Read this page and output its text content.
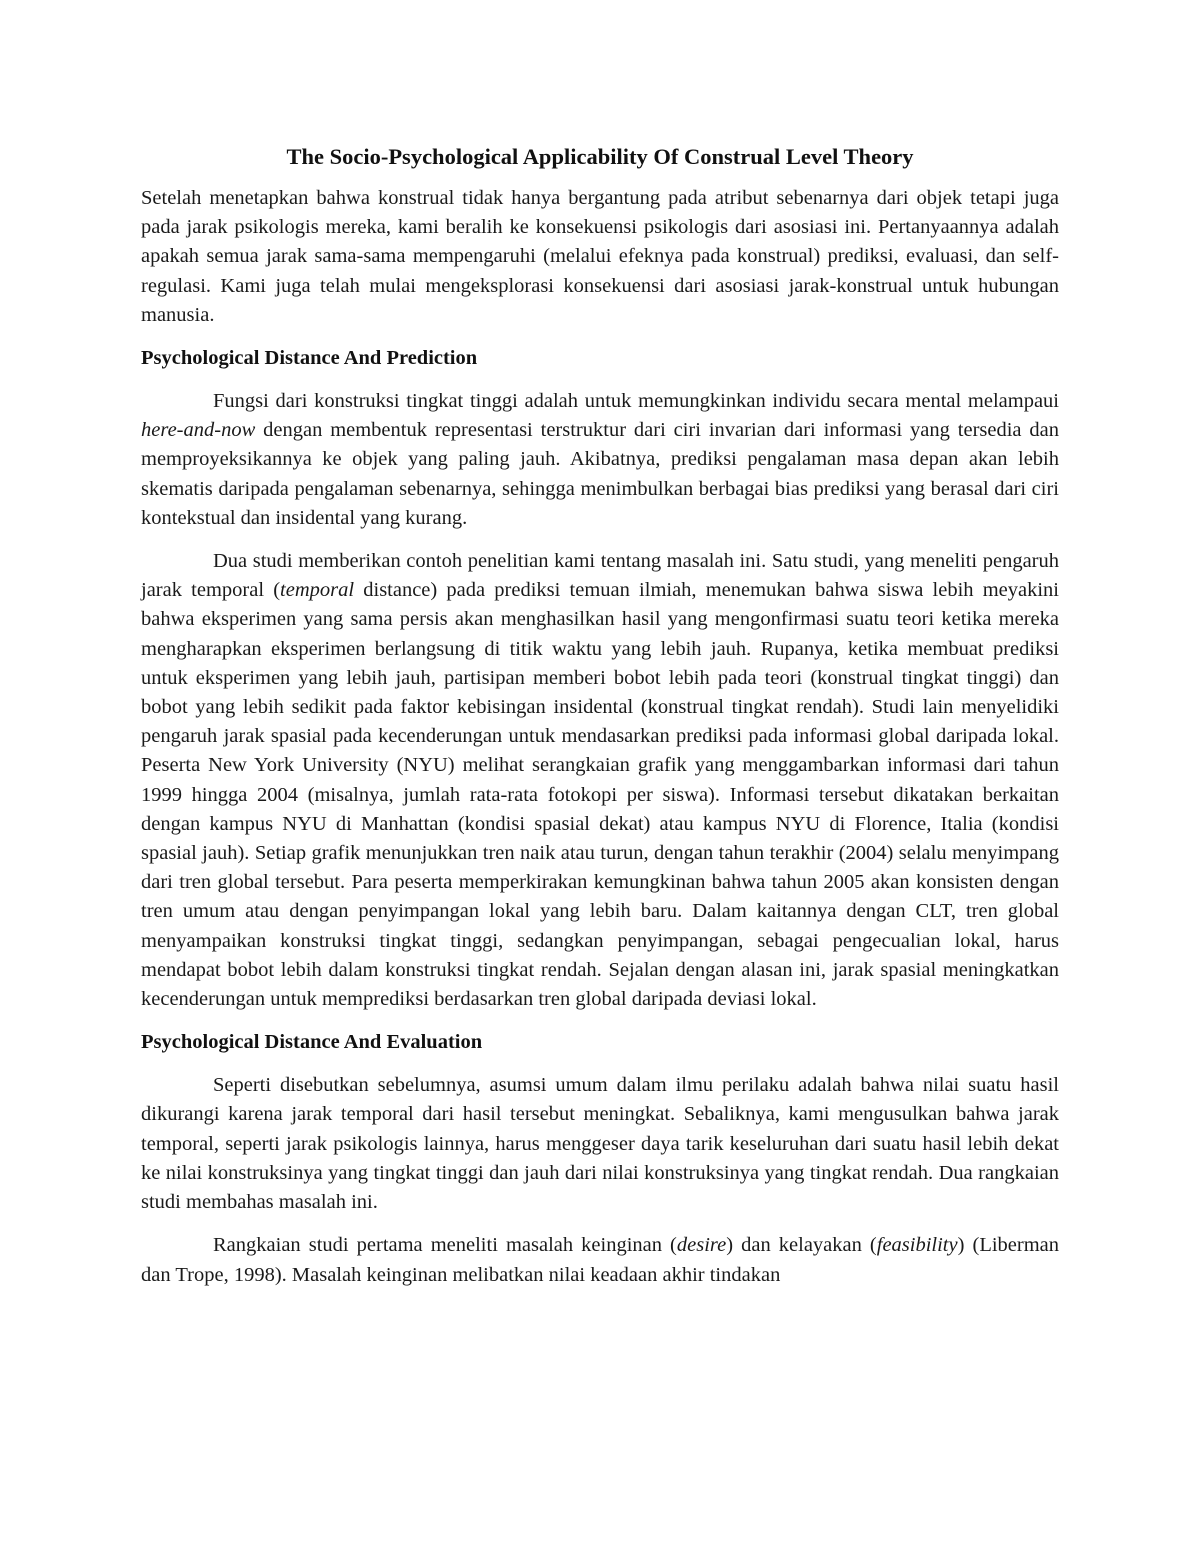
The Socio-Psychological Applicability Of Construal Level Theory

Setelah menetapkan bahwa konstrual tidak hanya bergantung pada atribut sebenarnya dari objek tetapi juga pada jarak psikologis mereka, kami beralih ke konsekuensi psikologis dari asosiasi ini. Pertanyaannya adalah apakah semua jarak sama-sama mempengaruhi (melalui efeknya pada konstrual) prediksi, evaluasi, dan self-regulasi. Kami juga telah mulai mengeksplorasi konsekuensi dari asosiasi jarak-konstrual untuk hubungan manusia.

Psychological Distance And Prediction

Fungsi dari konstruksi tingkat tinggi adalah untuk memungkinkan individu secara mental melampaui here-and-now dengan membentuk representasi terstruktur dari ciri invarian dari informasi yang tersedia dan memproyeksikannya ke objek yang paling jauh. Akibatnya, prediksi pengalaman masa depan akan lebih skematis daripada pengalaman sebenarnya, sehingga menimbulkan berbagai bias prediksi yang berasal dari ciri kontekstual dan insidental yang kurang.

Dua studi memberikan contoh penelitian kami tentang masalah ini. Satu studi, yang meneliti pengaruh jarak temporal (temporal distance) pada prediksi temuan ilmiah, menemukan bahwa siswa lebih meyakini bahwa eksperimen yang sama persis akan menghasilkan hasil yang mengonfirmasi suatu teori ketika mereka mengharapkan eksperimen berlangsung di titik waktu yang lebih jauh. Rupanya, ketika membuat prediksi untuk eksperimen yang lebih jauh, partisipan memberi bobot lebih pada teori (konstrual tingkat tinggi) dan bobot yang lebih sedikit pada faktor kebisingan insidental (konstrual tingkat rendah). Studi lain menyelidiki pengaruh jarak spasial pada kecenderungan untuk mendasarkan prediksi pada informasi global daripada lokal. Peserta New York University (NYU) melihat serangkaian grafik yang menggambarkan informasi dari tahun 1999 hingga 2004 (misalnya, jumlah rata-rata fotokopi per siswa). Informasi tersebut dikatakan berkaitan dengan kampus NYU di Manhattan (kondisi spasial dekat) atau kampus NYU di Florence, Italia (kondisi spasial jauh). Setiap grafik menunjukkan tren naik atau turun, dengan tahun terakhir (2004) selalu menyimpang dari tren global tersebut. Para peserta memperkirakan kemungkinan bahwa tahun 2005 akan konsisten dengan tren umum atau dengan penyimpangan lokal yang lebih baru. Dalam kaitannya dengan CLT, tren global menyampaikan konstruksi tingkat tinggi, sedangkan penyimpangan, sebagai pengecualian lokal, harus mendapat bobot lebih dalam konstruksi tingkat rendah. Sejalan dengan alasan ini, jarak spasial meningkatkan kecenderungan untuk memprediksi berdasarkan tren global daripada deviasi lokal.

Psychological Distance And Evaluation

Seperti disebutkan sebelumnya, asumsi umum dalam ilmu perilaku adalah bahwa nilai suatu hasil dikurangi karena jarak temporal dari hasil tersebut meningkat. Sebaliknya, kami mengusulkan bahwa jarak temporal, seperti jarak psikologis lainnya, harus menggeser daya tarik keseluruhan dari suatu hasil lebih dekat ke nilai konstruksinya yang tingkat tinggi dan jauh dari nilai konstruksinya yang tingkat rendah. Dua rangkaian studi membahas masalah ini.

Rangkaian studi pertama meneliti masalah keinginan (desire) dan kelayakan (feasibility) (Liberman dan Trope, 1998). Masalah keinginan melibatkan nilai keadaan akhir tindakan
